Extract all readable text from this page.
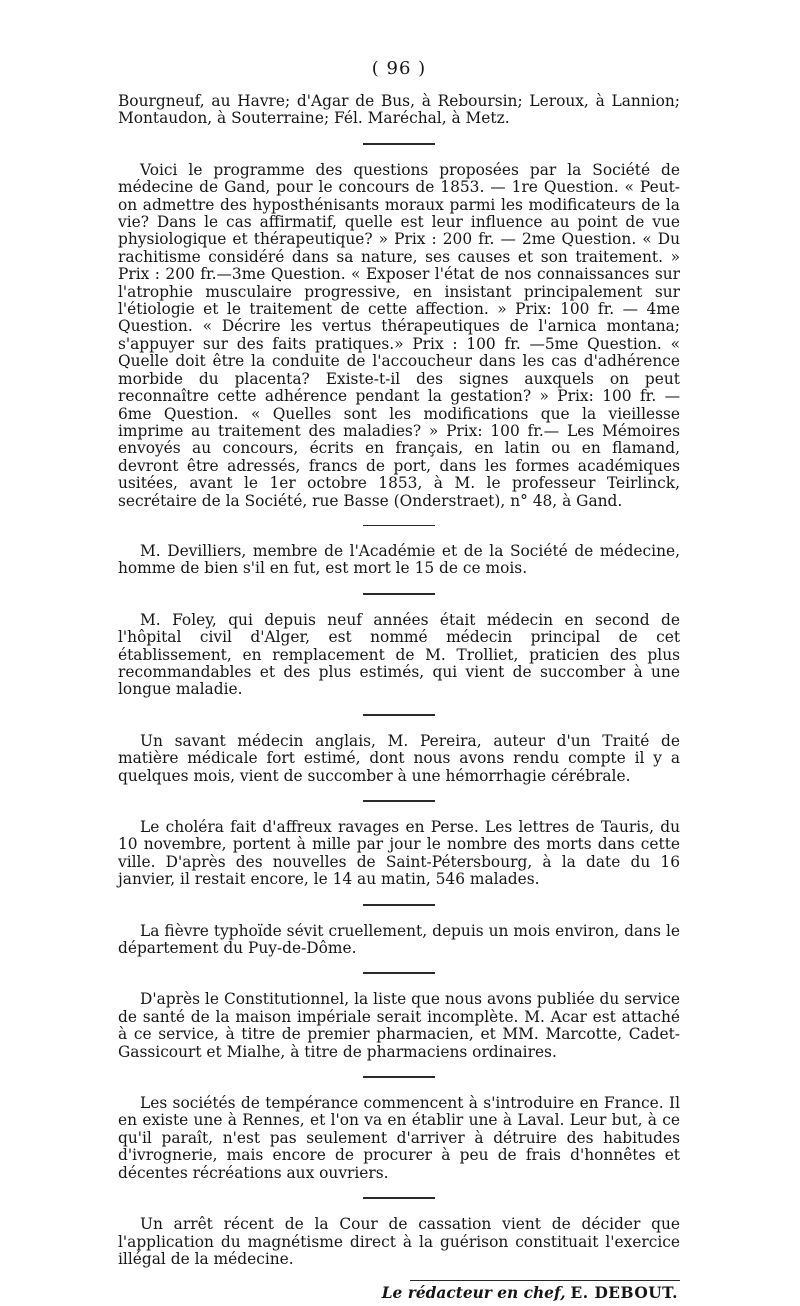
( 96 )

Bourgneuf, au Havre; d'Agar de Bus, à Reboursin; Leroux, à Lannion; Montaudon, à Souterraine; Fél. Maréchal, à Metz.

Voici le programme des questions proposées par la Société de médecine de Gand, pour le concours de 1853. — 1re Question. « Peut-on admettre des hyposthénisants moraux parmi les modificateurs de la vie? Dans le cas affirmatif, quelle est leur influence au point de vue physiologique et thérapeutique? » Prix : 200 fr. — 2me Question. « Du rachitisme considéré dans sa nature, ses causes et son traitement. » Prix : 200 fr.—3me Question. « Exposer l'état de nos connaissances sur l'atrophie musculaire progressive, en insistant principalement sur l'étiologie et le traitement de cette affection. » Prix: 100 fr. — 4me Question. « Décrire les vertus thérapeutiques de l'arnica montana; s'appuyer sur des faits pratiques.» Prix : 100 fr. —5me Question. « Quelle doit être la conduite de l'accoucheur dans les cas d'adhérence morbide du placenta? Existe-t-il des signes auxquels on peut reconnaître cette adhérence pendant la gestation? » Prix: 100 fr. — 6me Question. « Quelles sont les modifications que la vieillesse imprime au traitement des maladies? » Prix: 100 fr.— Les Mémoires envoyés au concours, écrits en français, en latin ou en flamand, devront être adressés, francs de port, dans les formes académiques usitées, avant le 1er octobre 1853, à M. le professeur Teirlinck, secrétaire de la Société, rue Basse (Onderstraet), n° 48, à Gand.

M. Devilliers, membre de l'Académie et de la Société de médecine, homme de bien s'il en fut, est mort le 15 de ce mois.

M. Foley, qui depuis neuf années était médecin en second de l'hôpital civil d'Alger, est nommé médecin principal de cet établissement, en remplacement de M. Trolliet, praticien des plus recommandables et des plus estimés, qui vient de succomber à une longue maladie.

Un savant médecin anglais, M. Pereira, auteur d'un Traité de matière médicale fort estimé, dont nous avons rendu compte il y a quelques mois, vient de succomber à une hémorrhagie cérébrale.

Le choléra fait d'affreux ravages en Perse. Les lettres de Tauris, du 10 novembre, portent à mille par jour le nombre des morts dans cette ville. D'après des nouvelles de Saint-Pétersbourg, à la date du 16 janvier, il restait encore, le 14 au matin, 546 malades.

La fièvre typhoïde sévit cruellement, depuis un mois environ, dans le département du Puy-de-Dôme.

D'après le Constitutionnel, la liste que nous avons publiée du service de santé de la maison impériale serait incomplète. M. Acar est attaché à ce service, à titre de premier pharmacien, et MM. Marcotte, Cadet-Gassicourt et Mialhe, à titre de pharmaciens ordinaires.

Les sociétés de tempérance commencent à s'introduire en France. Il en existe une à Rennes, et l'on va en établir une à Laval. Leur but, à ce qu'il paraît, n'est pas seulement d'arriver à détruire des habitudes d'ivrognerie, mais encore de procurer à peu de frais d'honnêtes et décentes récréations aux ouvriers.

Un arrêt récent de la Cour de cassation vient de décider que l'application du magnétisme direct à la guérison constituait l'exercice illégal de la médecine.

Le rédacteur en chef, E. DEBOUT.
